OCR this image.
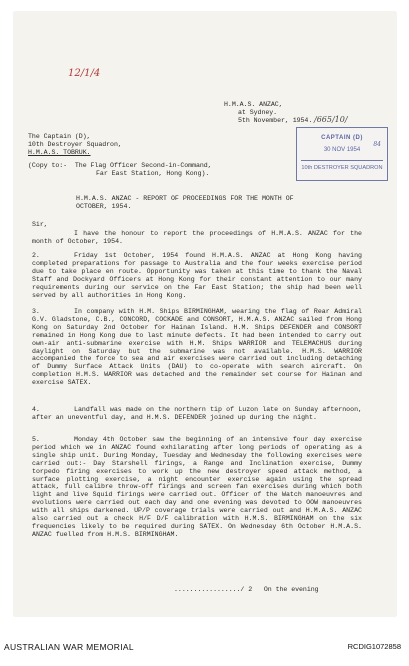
12/1/4
H.M.A.S. ANZAC,
at Sydney.
5th November, 1954. /665/10/
CAPTAIN (D)
84
30 NOV 1954
10th DESTROYER SQUADRON
The Captain (D),
10th Destroyer Squadron,
H.M.A.S. TOBRUK.
(Copy to:-  The Flag Officer Second-in-Command,
Far East Station, Hong Kong).
H.M.A.S. ANZAC - REPORT OF PROCEEDINGS FOR THE MONTH OF OCTOBER, 1954.
Sir,
I have the honour to report the proceedings of H.M.A.S. ANZAC for the month of October, 1954.
2.	Friday 1st October, 1954 found H.M.A.S. ANZAC at Hong Kong having completed preparations for passage to Australia and the four weeks exercise period due to take place en route. Opportunity was taken at this time to thank the Naval Staff and Dockyard Officers at Hong Kong for their constant attention to our many requirements during our service on the Far East Station; the ship had been well served by all authorities in Hong Kong.
3.	In company with H.M. Ships BIRMINGHAM, wearing the flag of Rear Admiral G.V. Gladstone, C.B., CONCORD, COCKADE and CONSORT, H.M.A.S. ANZAC sailed from Hong Kong on Saturday 2nd October for Hainan Island. H.M. Ships DEFENDER and CONSORT remained in Hong Kong due to last minute defects. It had been intended to carry out own-air anti-submarine exercise with H.M. Ships WARRIOR and TELEMACHUS during daylight on Saturday but the submarine was not available. H.M.S. WARRIOR accompanied the force to sea and air exercises were carried out including detaching of Dummy Surface Attack Units (DAU) to co-operate with search aircraft. On completion H.M.S. WARRIOR was detached and the remainder set course for Hainan and exercise SATEX.
4.	Landfall was made on the northern tip of Luzon late on Sunday afternoon, after an uneventful day, and H.M.S. DEFENDER joined up during the night.
5.	Monday 4th October saw the beginning of an intensive four day exercise period which we in ANZAC found exhilarating after long periods of operating as a single ship unit. During Monday, Tuesday and Wednesday the following exercises were carried out:- Day Starshell firings, a Range and Inclination exercise, Dummy torpedo firing exercises to work up the new destroyer speed attack method, a surface plotting exercise, a night encounter exercise again using the spread attack, full calibre throw-off firings and screen fan exercises during which both light and live Squid firings were carried out. Officer of the Watch manoeuvres and evolutions were carried out each day and one evening was devoted to OOW manoeuvres with all ships darkened. UP/P coverage trials were carried out and H.M.A.S. ANZAC also carried out a check H/F D/F calibration with H.M.S. BIRMINGHAM on the six frequencies likely to be required during SATEX. On Wednesday 6th October H.M.A.S. ANZAC fuelled from H.M.S. BIRMINGHAM.
................./ 2   On the evening
AUSTRALIAN WAR MEMORIAL	RCDIG1072858
